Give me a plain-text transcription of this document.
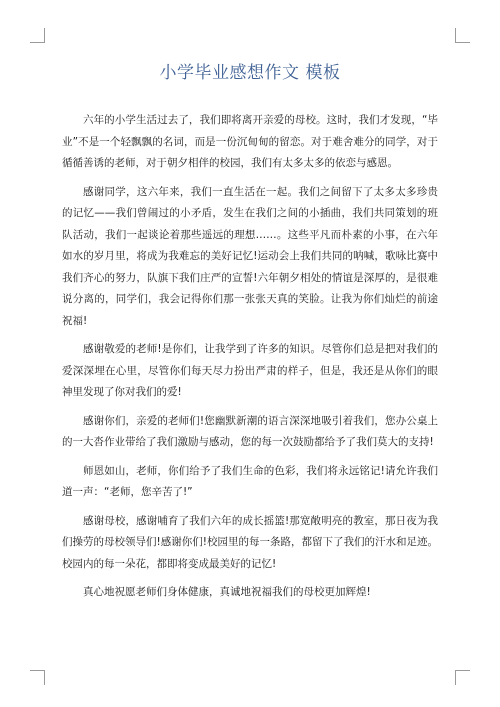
小学毕业感想作文 模板

六年的小学生活过去了，我们即将离开亲爱的母校。这时，我们才发现，“毕业”不是一个轻飘飘的名词，而是一份沉甸甸的留恋。对于难舍难分的同学，对于循循善诱的老师，对于朝夕相伴的校园，我们有太多太多的依恋与感恩。

感谢同学，这六年来，我们一直生活在一起。我们之间留下了太多太多珍贵的记忆——我们曾闹过的小矛盾，发生在我们之间的小插曲，我们共同策划的班队活动，我们一起谈论着那些遥远的理想……。这些平凡而朴素的小事，在六年如水的岁月里，将成为我难忘的美好记忆!运动会上我们共同的呐喊，歌咏比赛中我们齐心的努力，队旗下我们庄严的宣誓!六年朝夕相处的情谊是深厚的，是很难说分离的，同学们，我会记得你们那一张张天真的笑脸。让我为你们灿烂的前途祝福!

感谢敬爱的老师!是你们，让我学到了许多的知识。尽管你们总是把对我们的爱深深埋在心里，尽管你们每天尽力扮出严肃的样子，但是，我还是从你们的眼神里发现了你对我们的爱!

感谢你们，亲爱的老师们!您幽默新潮的语言深深地吸引着我们，您办公桌上的一大沓作业带给了我们激励与感动，您的每一次鼓励都给予了我们莫大的支持!

师恩如山，老师，你们给予了我们生命的色彩，我们将永远铭记!请允许我们道一声：“老师，您辛苦了!”

感谢母校，感谢哺育了我们六年的成长摇篮!那宽敞明亮的教室，那日夜为我们操劳的母校领导们!感谢你们!校园里的每一条路，都留下了我们的汗水和足迹。校园内的每一朵花，都即将变成最美好的记忆!

真心地祝愿老师们身体健康，真诚地祝福我们的母校更加辉煌!
